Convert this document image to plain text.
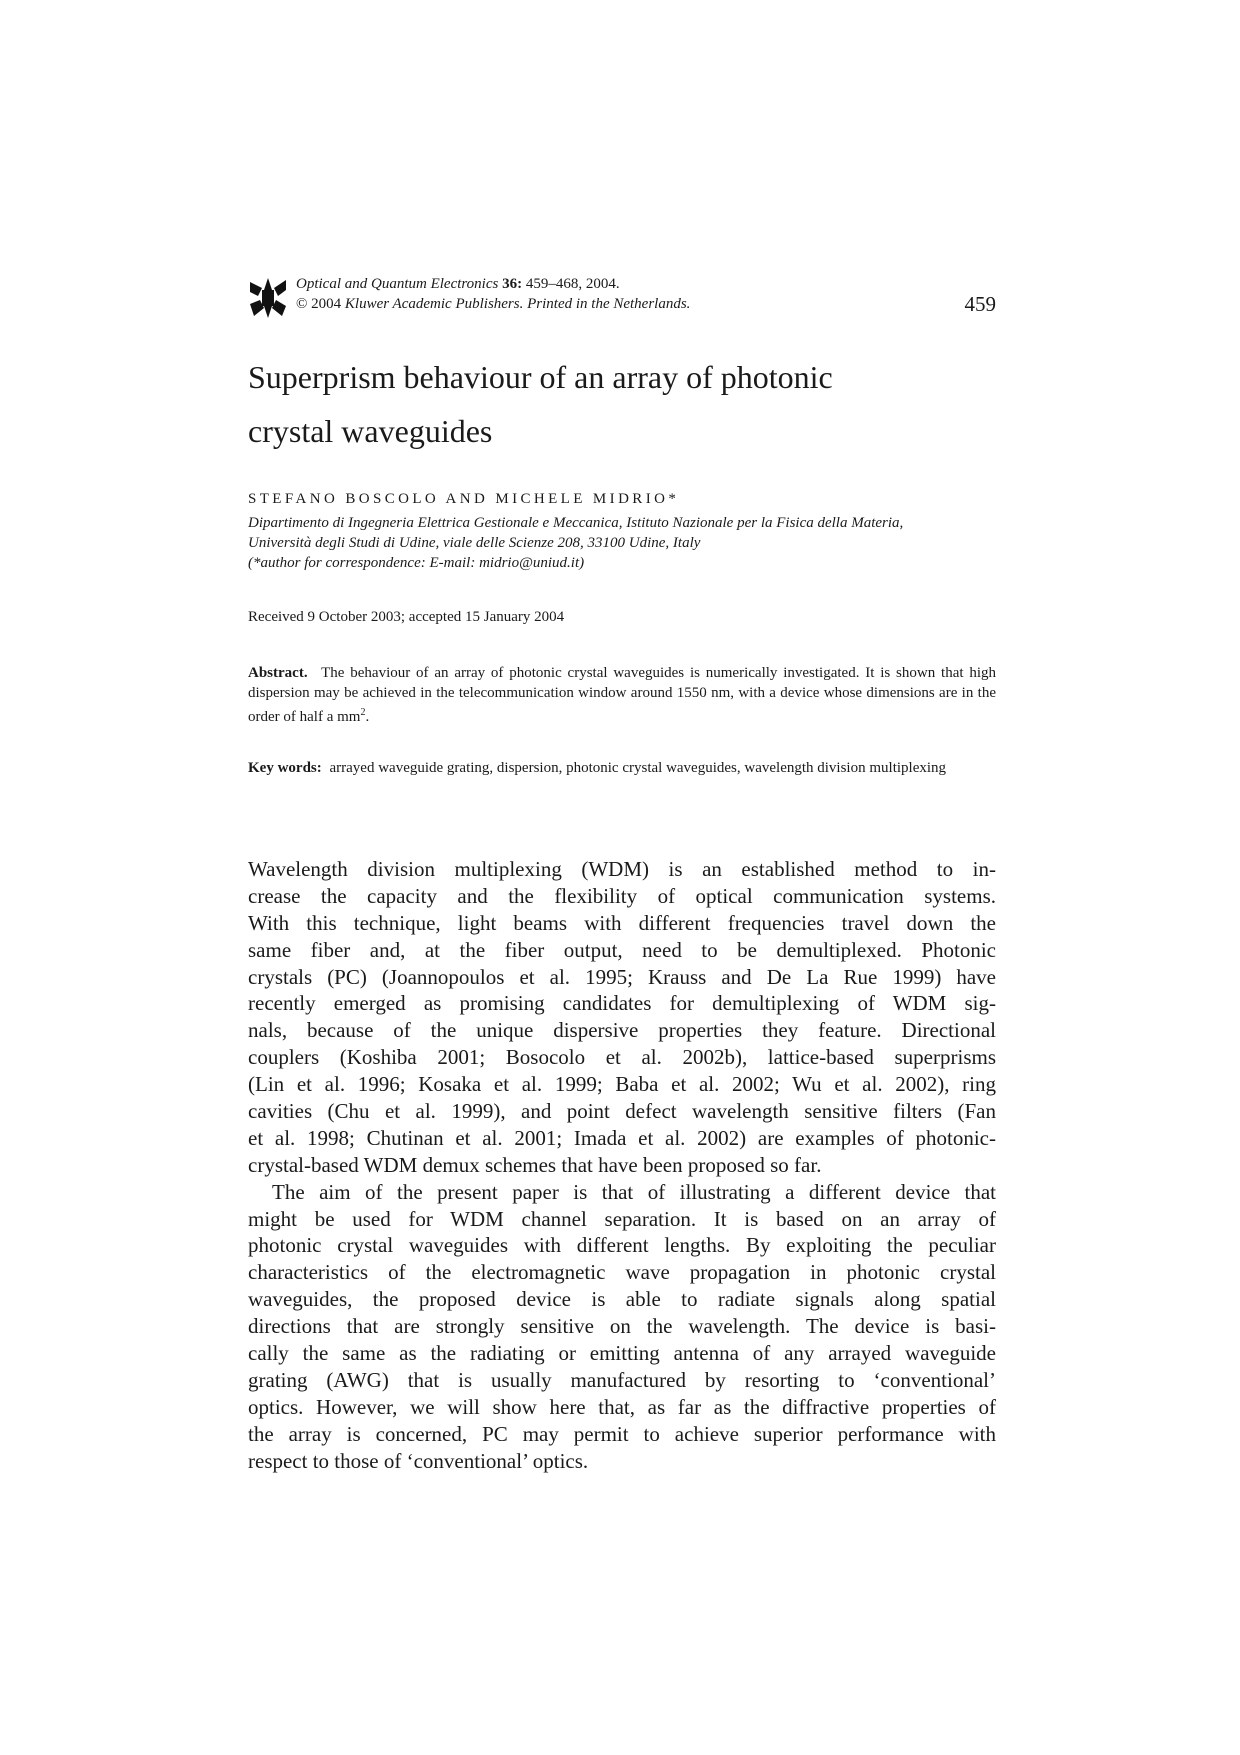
Optical and Quantum Electronics 36: 459–468, 2004.
© 2004 Kluwer Academic Publishers. Printed in the Netherlands.	459
Superprism behaviour of an array of photonic
crystal waveguides
STEFANO BOSCOLO AND MICHELE MIDRIO*
Dipartimento di Ingegneria Elettrica Gestionale e Meccanica, Istituto Nazionale per la Fisica della Materia,
Università degli Studi di Udine, viale delle Scienze 208, 33100 Udine, Italy
(*author for correspondence: E-mail: midrio@uniud.it)
Received 9 October 2003; accepted 15 January 2004
Abstract. The behaviour of an array of photonic crystal waveguides is numerically investigated. It is shown that high dispersion may be achieved in the telecommunication window around 1550 nm, with a device whose dimensions are in the order of half a $mm^2$.
Key words: arrayed waveguide grating, dispersion, photonic crystal waveguides, wavelength division multiplexing
Wavelength division multiplexing (WDM) is an established method to in-
crease the capacity and the flexibility of optical communication systems.
With this technique, light beams with different frequencies travel down the
same fiber and, at the fiber output, need to be demultiplexed. Photonic
crystals (PC) (Joannopoulos et al. 1995; Krauss and De La Rue 1999) have
recently emerged as promising candidates for demultiplexing of WDM sig-
nals, because of the unique dispersive properties they feature. Directional
couplers (Koshiba 2001; Bosocolo et al. 2002b), lattice-based superprisms
(Lin et al. 1996; Kosaka et al. 1999; Baba et al. 2002; Wu et al. 2002), ring
cavities (Chu et al. 1999), and point defect wavelength sensitive filters (Fan
et al. 1998; Chutinan et al. 2001; Imada et al. 2002) are examples of photonic-
crystal-based WDM demux schemes that have been proposed so far.
The aim of the present paper is that of illustrating a different device that
might be used for WDM channel separation. It is based on an array of
photonic crystal waveguides with different lengths. By exploiting the peculiar
characteristics of the electromagnetic wave propagation in photonic crystal
waveguides, the proposed device is able to radiate signals along spatial
directions that are strongly sensitive on the wavelength. The device is basi-
cally the same as the radiating or emitting antenna of any arrayed waveguide
grating (AWG) that is usually manufactured by resorting to ‘conventional’
optics. However, we will show here that, as far as the diffractive properties of
the array is concerned, PC may permit to achieve superior performance with
respect to those of ‘conventional’ optics.
